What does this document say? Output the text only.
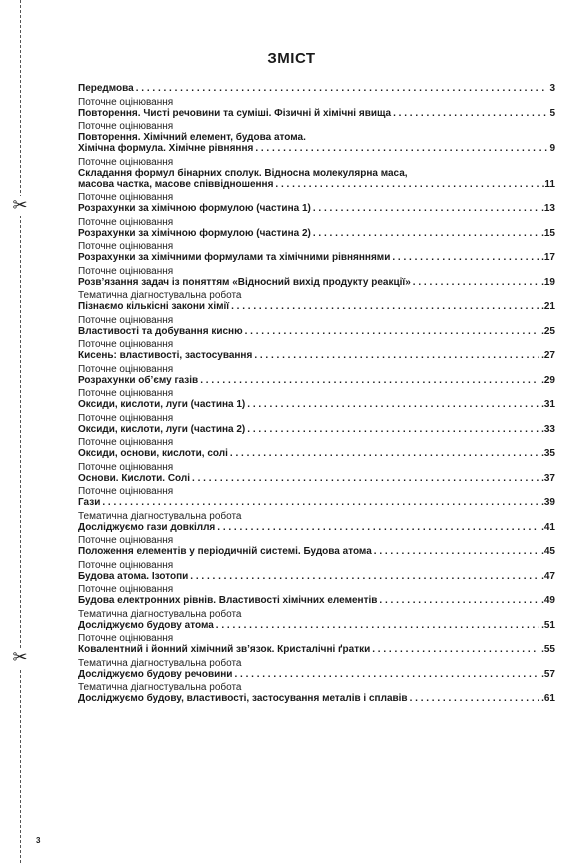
✂
✂
ЗМІСТ
Передмова . . .	3
Поточне оцінювання
Повторення. Чисті речовини та суміші. Фізичні й хімічні явища . . .	5
Поточне оцінювання
Повторення. Хімічний елемент, будова атома.
Хімічна формула. Хімічне рівняння . . .	9
Поточне оцінювання
Складання формул бінарних сполук. Відносна молекулярна маса,
масова частка, масове співвідношення . . .	.11
Поточне оцінювання
Розрахунки за хімічною формулою (частина 1) . . .	.13
Поточне оцінювання
Розрахунки за хімічною формулою (частина 2) . . .	.15
Поточне оцінювання
Розрахунки за хімічними формулами та хімічними рівняннями . . .	.17
Поточне оцінювання
Розв’язання задач із поняттям «Відносний вихід продукту реакції» . . .	.19
Тематична діагностувальна робота
Пізнаємо кількісні закони хімії . . .	.21
Поточне оцінювання
Властивості та добування кисню . . .	.25
Поточне оцінювання
Кисень: властивості, застосування . . .	.27
Поточне оцінювання
Розрахунки об’єму газів . . .	.29
Поточне оцінювання
Оксиди, кислоти, луги (частина 1) . . .	.31
Поточне оцінювання
Оксиди, кислоти, луги (частина 2) . . .	.33
Поточне оцінювання
Оксиди, основи, кислоти, солі . . .	.35
Поточне оцінювання
Основи. Кислоти. Солі . . .	.37
Поточне оцінювання
Гази . . .	.39
Тематична діагностувальна робота
Досліджуємо гази довкілля . . .	.41
Поточне оцінювання
Положення елементів у періодичній системі. Будова атома . . .	.45
Поточне оцінювання
Будова атома. Ізотопи . . .	.47
Поточне оцінювання
Будова електронних рівнів. Властивості хімічних елементів . . .	.49
Тематична діагностувальна робота
Досліджуємо будову атома . . .	.51
Поточне оцінювання
Ковалентний і йонний хімічний зв’язок. Кристалічні ґратки . . .	.55
Тематична діагностувальна робота
Досліджуємо будову речовини . . .	.57
Тематична діагностувальна робота
Досліджуємо будову, властивості, застосування металів і сплавів . . .	.61
3
